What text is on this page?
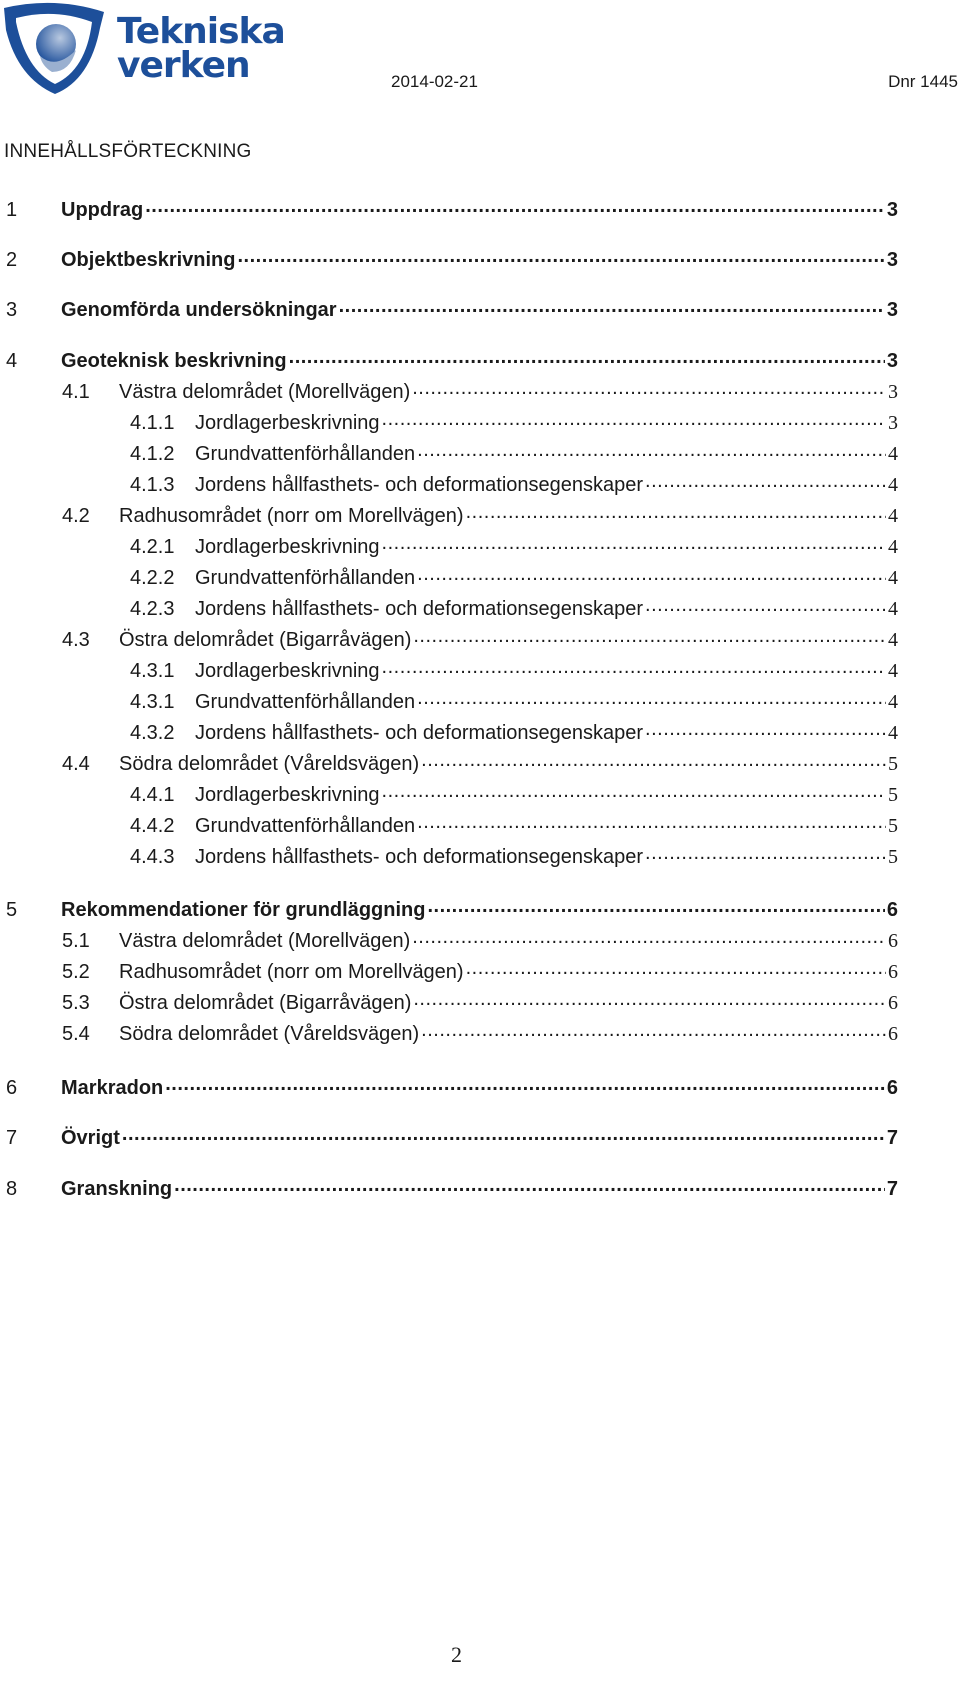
Tekniska
verken	2014-02-21	Dnr 1445
INNEHÅLLSFÖRTECKNING
1	Uppdrag .....	3
2	Objektbeskrivning .....	3
3	Genomförda undersökningar .....	3
4	Geoteknisk beskrivning .....	3
4.1	Västra delområdet (Morellvägen) .....	3
4.1.1	Jordlagerbeskrivning .....	3
4.1.2	Grundvattenförhållanden .....	4
4.1.3	Jordens hållfasthets- och deformationsegenskaper .....	4
4.2	Radhusområdet (norr om Morellvägen) .....	4
4.2.1	Jordlagerbeskrivning .....	4
4.2.2	Grundvattenförhållanden .....	4
4.2.3	Jordens hållfasthets- och deformationsegenskaper .....	4
4.3	Östra delområdet (Bigarråvägen) .....	4
4.3.1	Jordlagerbeskrivning .....	4
4.3.1	Grundvattenförhållanden .....	4
4.3.2	Jordens hållfasthets- och deformationsegenskaper .....	4
4.4	Södra delområdet (Våreldsvägen) .....	5
4.4.1	Jordlagerbeskrivning .....	5
4.4.2	Grundvattenförhållanden .....	5
4.4.3	Jordens hållfasthets- och deformationsegenskaper .....	5
5	Rekommendationer för grundläggning .....	6
5.1	Västra delområdet (Morellvägen) .....	6
5.2	Radhusområdet (norr om Morellvägen) .....	6
5.3	Östra delområdet (Bigarråvägen) .....	6
5.4	Södra delområdet (Våreldsvägen) .....	6
6	Markradon .....	6
7	Övrigt .....	7
8	Granskning .....	7
2
